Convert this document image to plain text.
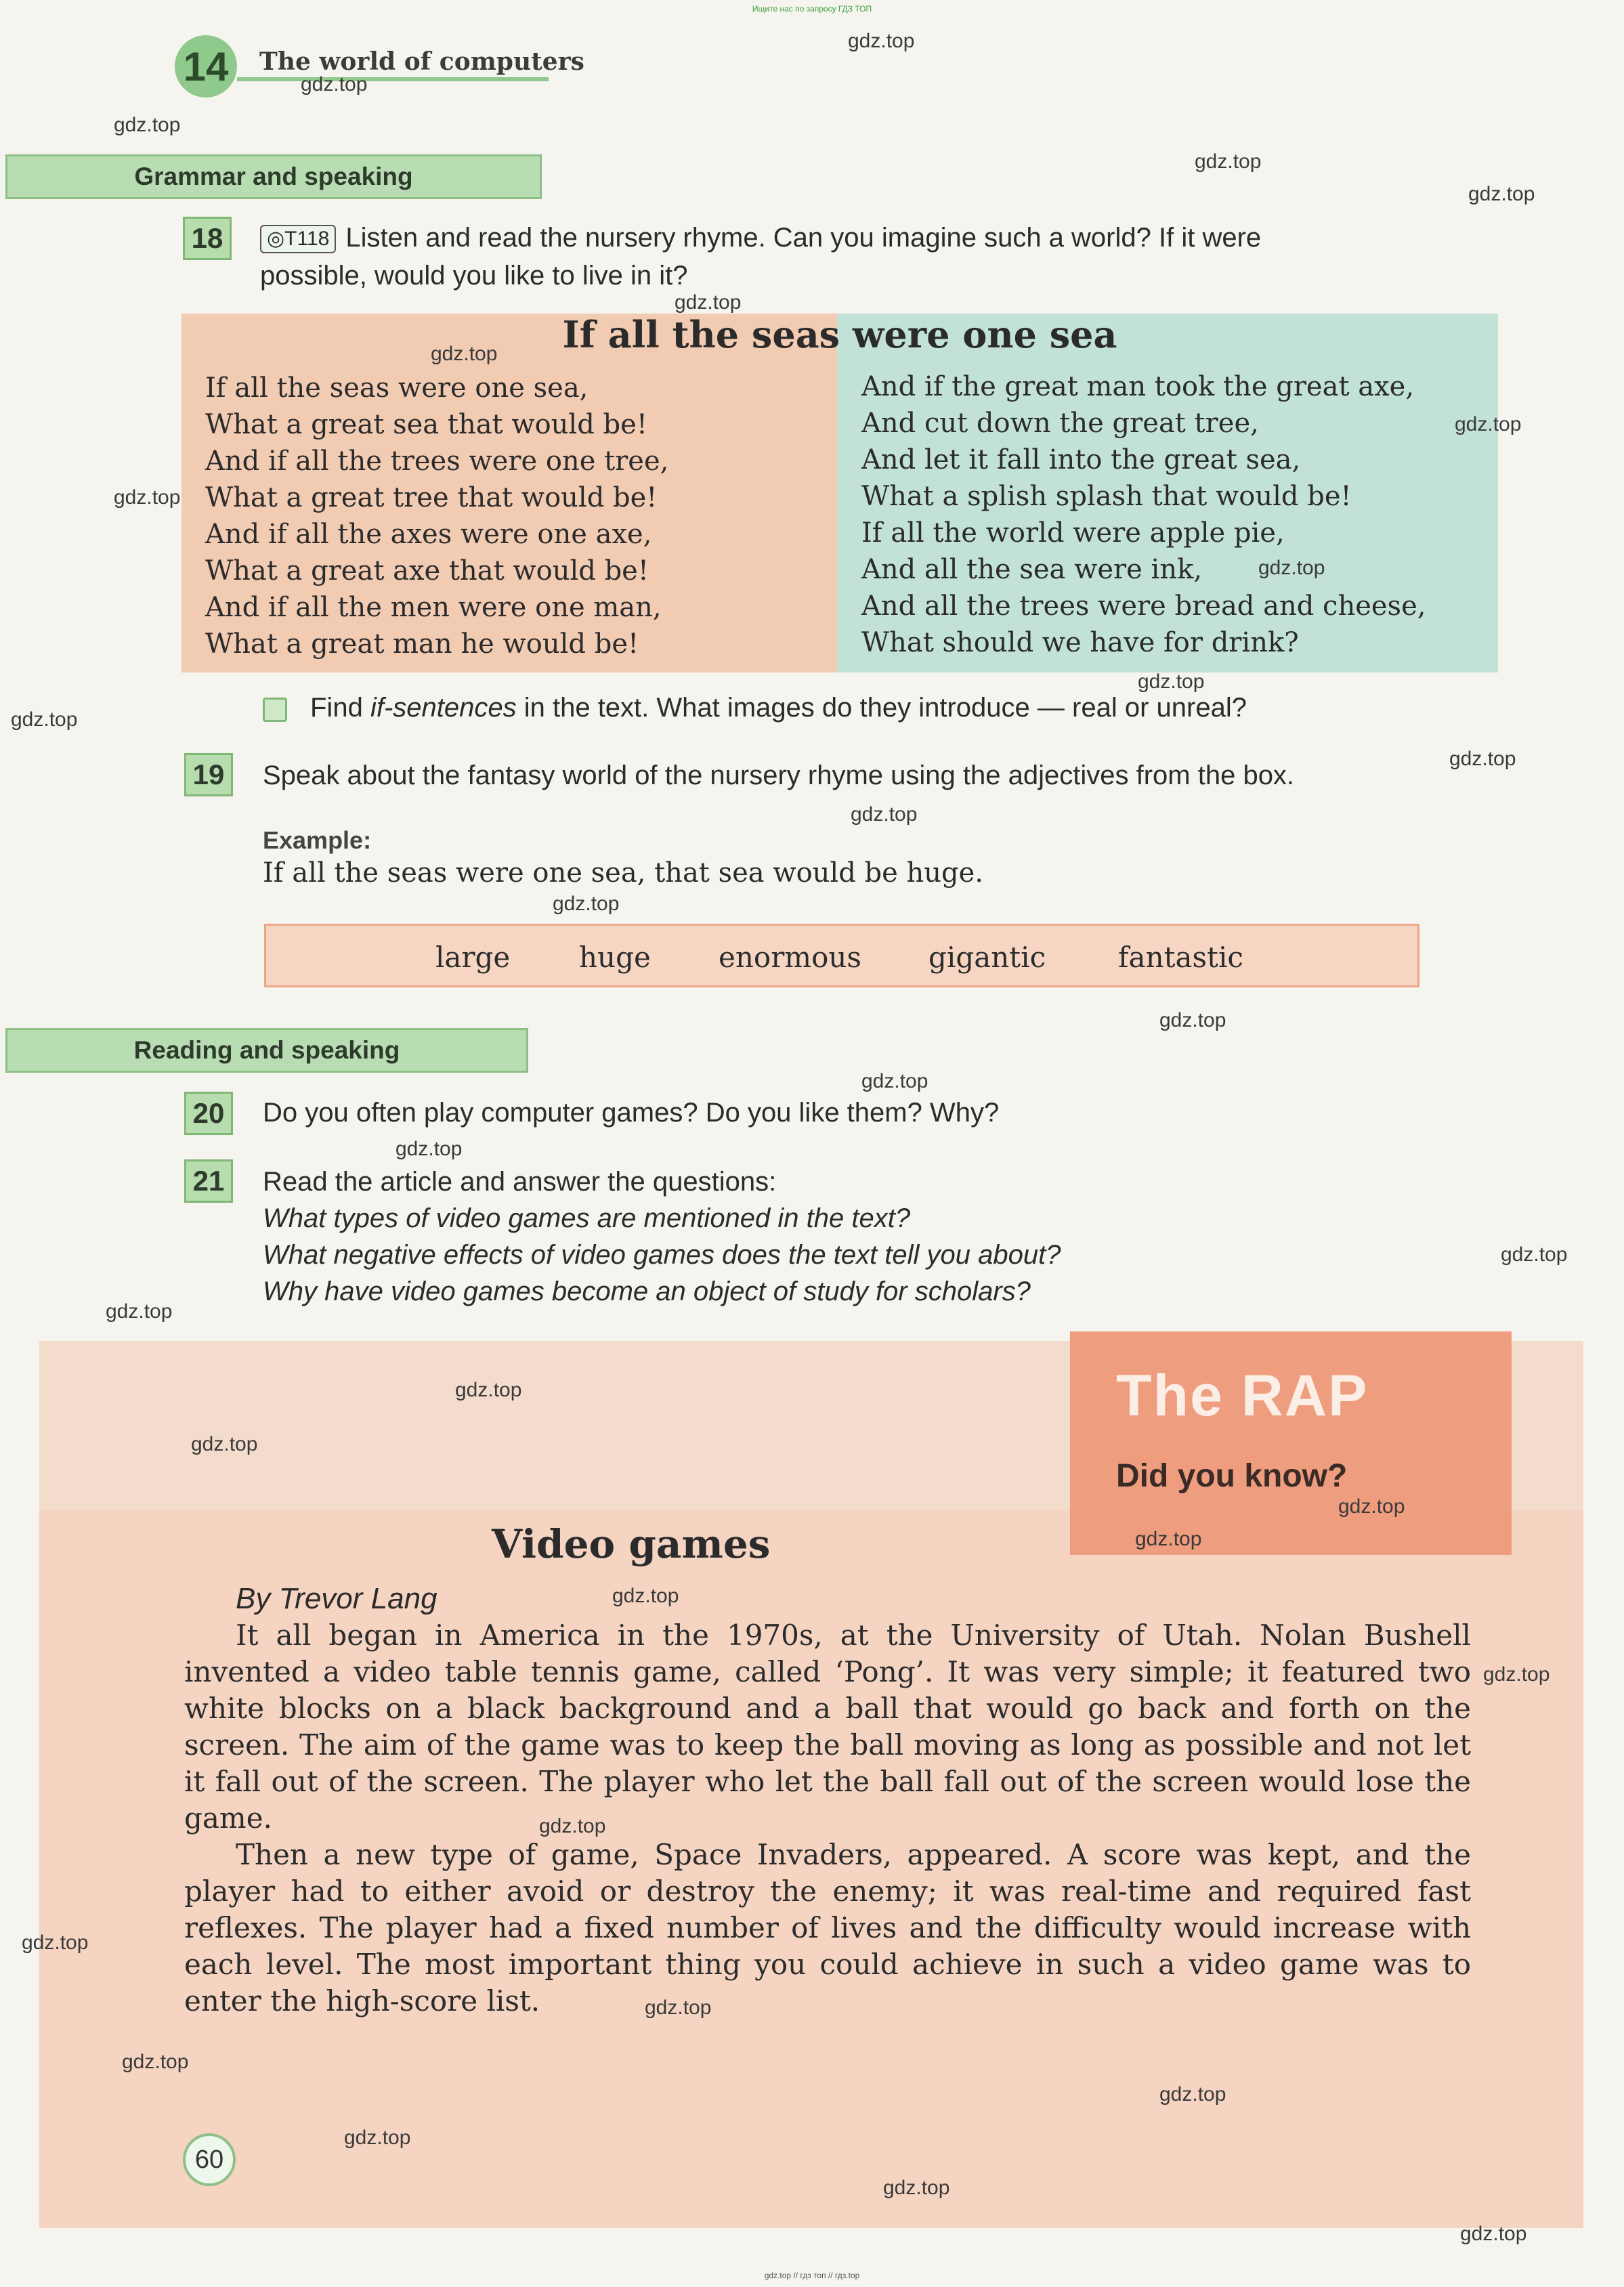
Ищите нас по запросу ГДЗ ТОП
14	The world of computers
Grammar and speaking
18	◎T118 Listen and read the nursery rhyme. Can you imagine such a world? If it were
possible, would you like to live in it?
If all the seas were one sea
If all the seas were one sea,
What a great sea that would be!
And if all the trees were one tree,
What a great tree that would be!
And if all the axes were one axe,
What a great axe that would be!
And if all the men were one man,
What a great man he would be!
And if the great man took the great axe,
And cut down the great tree,
And let it fall into the great sea,
What a splish splash that would be!
If all the world were apple pie,
And all the sea were ink,
And all the trees were bread and cheese,
What should we have for drink?
Find if-sentences in the text. What images do they introduce — real or unreal?
19	Speak about the fantasy world of the nursery rhyme using the adjectives from the box.
Example:
If all the seas were one sea, that sea would be huge.
large huge enormous gigantic	fantastic
Reading and speaking
20	Do you often play computer games? Do you like them? Why?
21	Read the article and answer the questions:
What types of video games are mentioned in the text?
What negative effects of video games does the text tell you about?
Why have video games become an object of study for scholars?
The RAP
Did you know?
Video games
By Trevor Lang
It all began in America in the 1970s, at the University of Utah. Nolan Bushell invented a video table tennis game, called ‘Pong’. It was very simple; it featured two white blocks on a black background and a ball that would go back and forth on the screen. The aim of the game was to keep the ball moving as long as possible and not let it fall out of the screen. The player who let the ball fall out of the screen would lose the game.
Then a new type of game, Space Invaders, appeared. A score was kept, and the player had to either avoid or destroy the enemy; it was real-time and required fast reflexes. The player had a fixed number of lives and the difficulty would increase with each level. The most important thing you could achieve in such a video game was to enter the high-score list.
60
gdz.top
gdz.top
gdz.top
gdz.top
gdz.top
gdz.top
gdz.top
gdz.top
gdz.top
gdz.top
gdz.top
gdz.top
gdz.top
gdz.top
gdz.top
gdz.top
gdz.top
gdz.top
gdz.top
gdz.top
gdz.top
gdz.top
gdz.top
gdz.top
gdz.top
gdz.top
gdz.top
gdz.top
gdz.top
gdz.top
gdz.top
gdz.top
gdz.top
gdz.top
gdz.top // гдз топ // гдз.top
